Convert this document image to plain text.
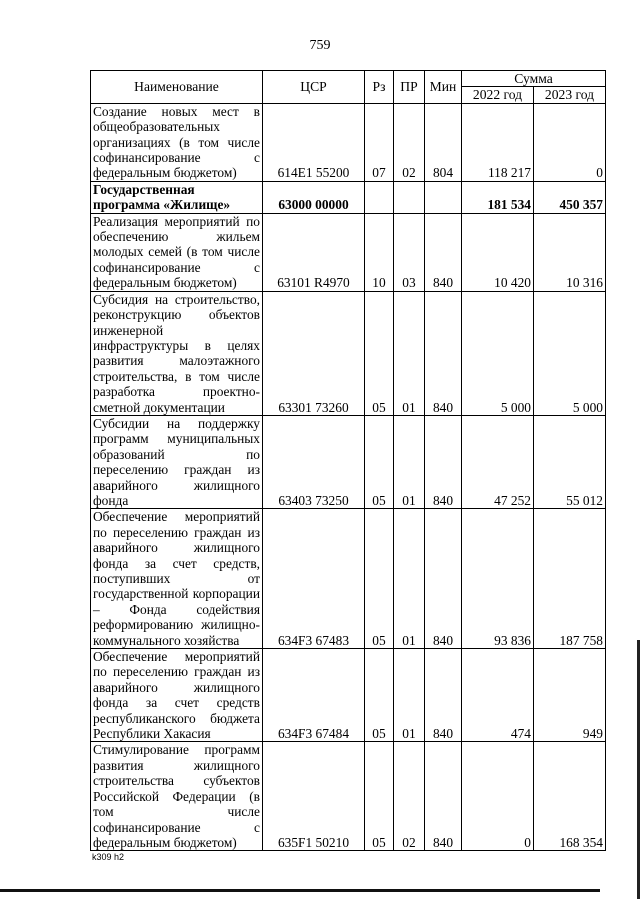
759
Наименование	ЦСР	Рз	ПР	Мин	Сумма	
					2022 год	2023 год
Создание новых мест в общеобразовательных организациях (в том числе софинансирование с федеральным бюджетом)	614E1 55200	07	02	804	118 217	0
Государственная программа «Жилище»	63000 00000				181 534	450 357
Реализация мероприятий по обеспечению жильем молодых семей (в том числе софинансирование с федеральным бюджетом)	63101 R4970	10	03	840	10 420	10 316
Субсидия на строительство, реконструкцию объектов инженерной инфраструктуры в целях развития малоэтажного строительства, в том числе разработка проектно-сметной документации	63301 73260	05	01	840	5 000	5 000
Субсидии на поддержку программ муниципальных образований по переселению граждан из аварийного жилищного фонда	63403 73250	05	01	840	47 252	55 012
Обеспечение мероприятий по переселению граждан из аварийного жилищного фонда за счет средств, поступивших от государственной корпорации – Фонда содействия реформированию жилищно-коммунального хозяйства	634F3 67483	05	01	840	93 836	187 758
Обеспечение мероприятий по переселению граждан из аварийного жилищного фонда за счет средств республиканского бюджета Республики Хакасия	634F3 67484	05	01	840	474	949
Стимулирование программ развития жилищного строительства субъектов Российской Федерации (в том числе софинансирование с федеральным бюджетом)	635F1 50210	05	02	840	0	168 354
k309 h2
